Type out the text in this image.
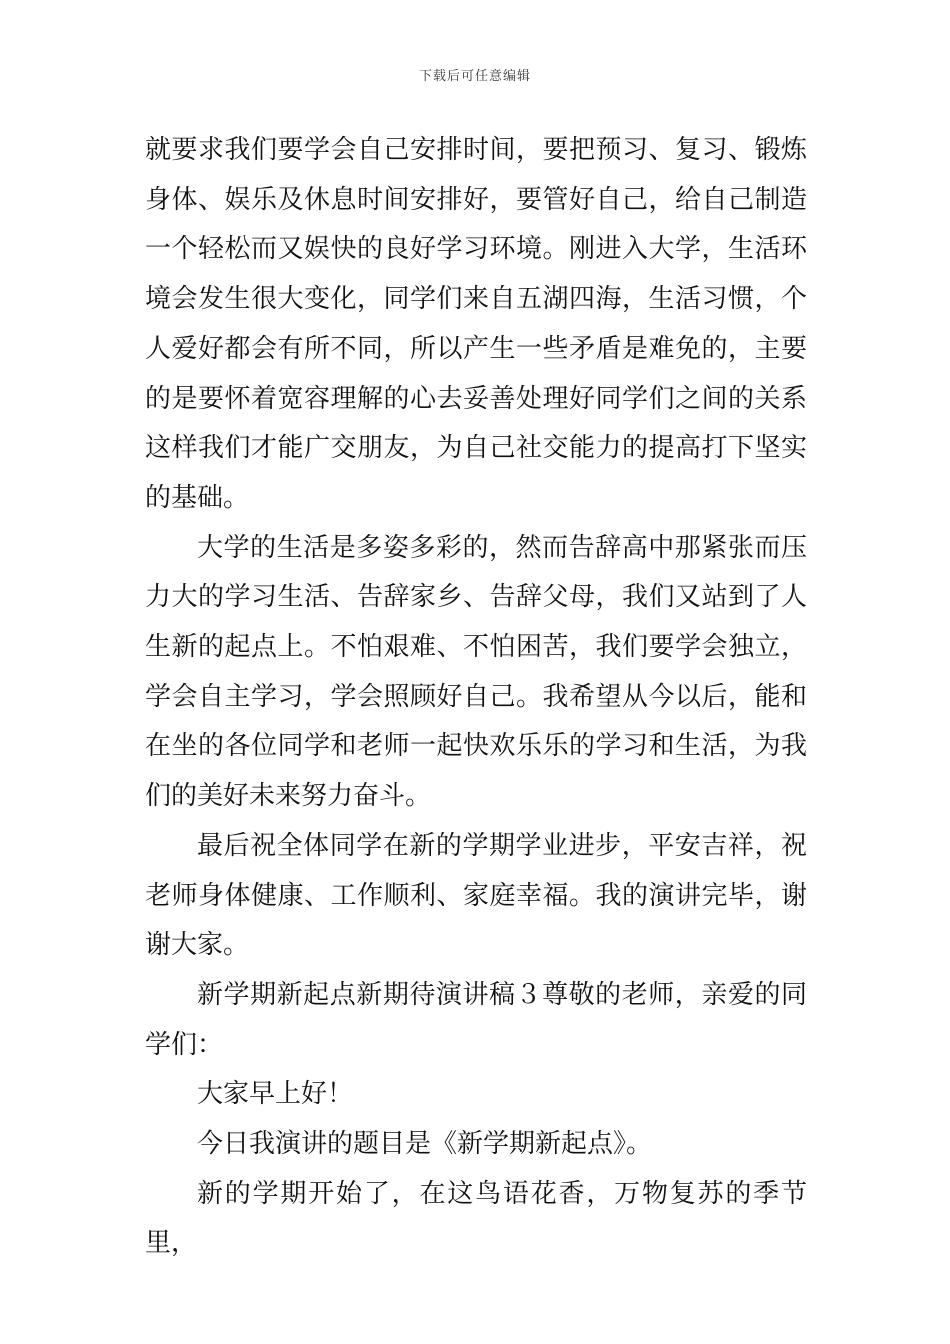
下载后可任意编辑

就要求我们要学会自己安排时间，要把预习、复习、锻炼身体、娱乐及休息时间安排好，要管好自己，给自己制造一个轻松而又娱快的良好学习环境。刚进入大学，生活环境会发生很大变化，同学们来自五湖四海，生活习惯，个人爱好都会有所不同，所以产生一些矛盾是难免的，主要的是要怀着宽容理解的心去妥善处理好同学们之间的关系这样我们才能广交朋友，为自己社交能力的提高打下坚实的基础。

大学的生活是多姿多彩的，然而告辞高中那紧张而压力大的学习生活、告辞家乡、告辞父母，我们又站到了人生新的起点上。不怕艰难、不怕困苦，我们要学会独立，学会自主学习，学会照顾好自己。我希望从今以后，能和在坐的各位同学和老师一起快欢乐乐的学习和生活，为我们的美好未来努力奋斗。

最后祝全体同学在新的学期学业进步，平安吉祥，祝老师身体健康、工作顺利、家庭幸福。我的演讲完毕，谢谢大家。

新学期新起点新期待演讲稿３尊敬的老师，亲爱的同学们：

大家早上好！

今日我演讲的题目是《新学期新起点》。

新的学期开始了，在这鸟语花香，万物复苏的季节里，
